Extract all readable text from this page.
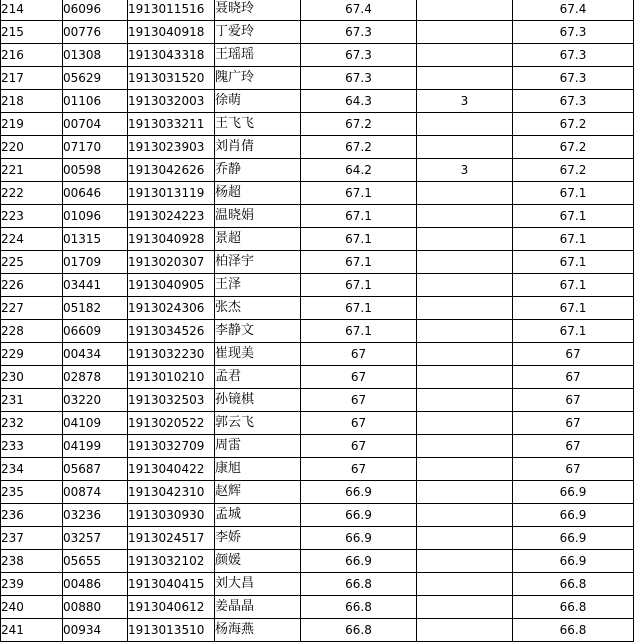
214	06096	1913011516	聂晓玲	67.4		67.4
215	00776	1913040918	丁爱玲	67.3		67.3
216	01308	1913043318	王瑶瑶	67.3		67.3
217	05629	1913031520	隗广玲	67.3		67.3
218	01106	1913032003	徐萌	64.3	3	67.3
219	00704	1913033211	王飞飞	67.2		67.2
220	07170	1913023903	刘肖倩	67.2		67.2
221	00598	1913042626	乔静	64.2	3	67.2
222	00646	1913013119	杨超	67.1		67.1
223	01096	1913024223	温晓娟	67.1		67.1
224	01315	1913040928	景超	67.1		67.1
225	01709	1913020307	柏泽宇	67.1		67.1
226	03441	1913040905	王泽	67.1		67.1
227	05182	1913024306	张杰	67.1		67.1
228	06609	1913034526	李静文	67.1		67.1
229	00434	1913032230	崔现美	67		67
230	02878	1913010210	孟君	67		67
231	03220	1913032503	孙镜棋	67		67
232	04109	1913020522	郭云飞	67		67
233	04199	1913032709	周雷	67		67
234	05687	1913040422	康旭	67		67
235	00874	1913042310	赵辉	66.9		66.9
236	03236	1913030930	孟城	66.9		66.9
237	03257	1913024517	李娇	66.9		66.9
238	05655	1913032102	颜媛	66.9		66.9
239	00486	1913040415	刘大昌	66.8		66.8
240	00880	1913040612	姜晶晶	66.8		66.8
241	00934	1913013510	杨海燕	66.8		66.8
